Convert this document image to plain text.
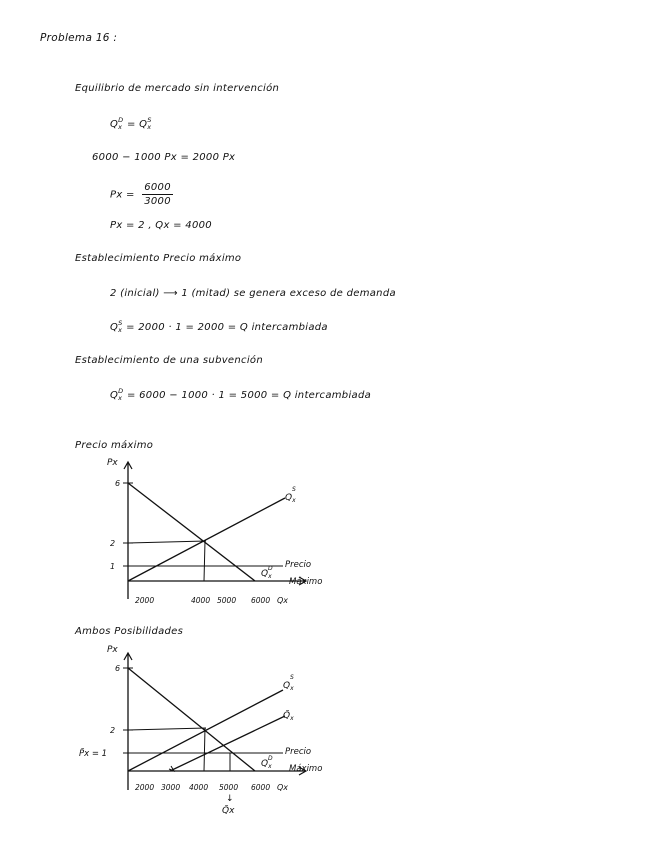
Problema 16 :
Equilibrio de mercado sin intervención
Q D
x = Q S
x
6000 − 1000 Px = 2000 Px
$Px = \frac{6000}{3000}$
Px = 2 , Qx = 4000
Establecimiento Precio máximo
2 (inicial) ⟶ 1 (mitad) se genera exceso de demanda
Q S
x = 2000 · 1 = 2000 = Q intercambiada
Establecimiento de una subvención
Q D
x = 6000 − 1000 · 1 = 5000 = Q intercambiada
Precio máximo
Px
6
2
1
2000	4000 5000 6000 Qx
$Q_x$
S
$Q_x$
D Precio
Máximo
Ambos Posibilidades
Px
6
2
P̃x = 1
2000 3000 4000 5000 6000 Qx
$Q_x$
S
$Q̃_x$
$Q_x$
D
Precio
Máximo
↓
Q̃x
